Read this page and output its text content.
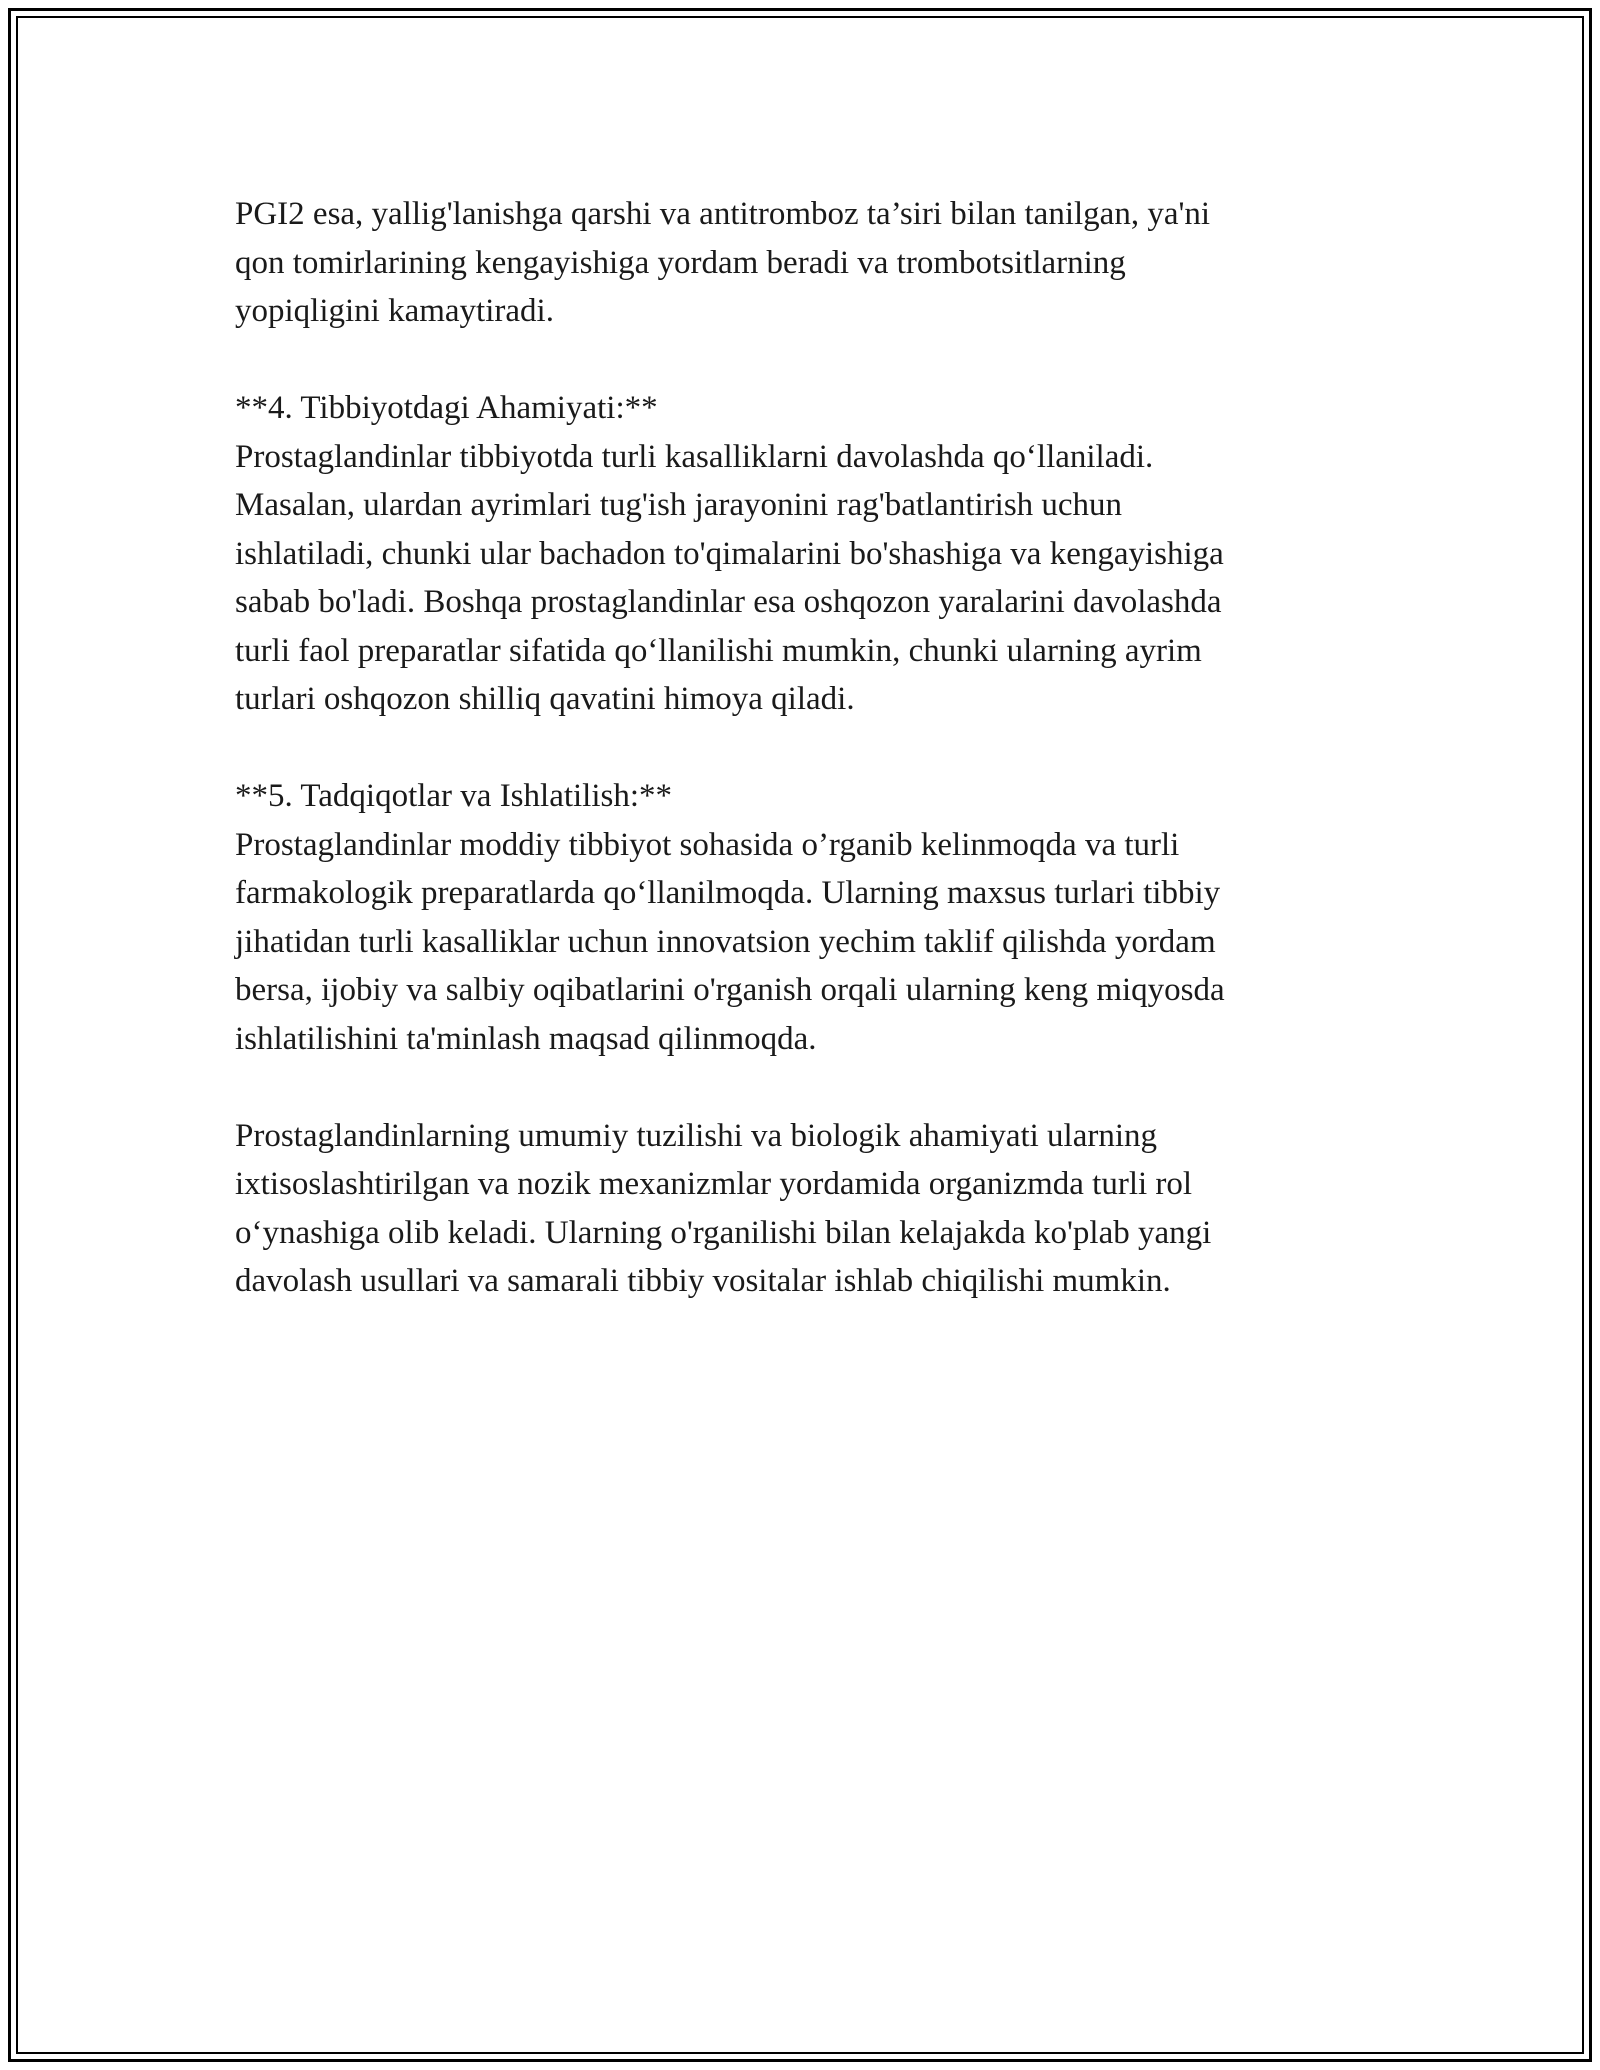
PGI2 esa, yallig'lanishga qarshi va antitromboz ta’siri bilan tanilgan, ya'ni
qon tomirlarining kengayishiga yordam beradi va trombotsitlarning
yopiqligini kamaytiradi.

**4. Tibbiyotdagi Ahamiyati:**
Prostaglandinlar tibbiyotda turli kasalliklarni davolashda qo‘llaniladi.
Masalan, ulardan ayrimlari tug'ish jarayonini rag'batlantirish uchun
ishlatiladi, chunki ular bachadon to'qimalarini bo'shashiga va kengayishiga
sabab bo'ladi. Boshqa prostaglandinlar esa oshqozon yaralarini davolashda
turli faol preparatlar sifatida qo‘llanilishi mumkin, chunki ularning ayrim
turlari oshqozon shilliq qavatini himoya qiladi.

**5. Tadqiqotlar va Ishlatilish:**
Prostaglandinlar moddiy tibbiyot sohasida o’rganib kelinmoqda va turli
farmakologik preparatlarda qo‘llanilmoqda. Ularning maxsus turlari tibbiy
jihatidan turli kasalliklar uchun innovatsion yechim taklif qilishda yordam
bersa, ijobiy va salbiy oqibatlarini o'rganish orqali ularning keng miqyosda
ishlatilishini ta'minlash maqsad qilinmoqda.

Prostaglandinlarning umumiy tuzilishi va biologik ahamiyati ularning
ixtisoslashtirilgan va nozik mexanizmlar yordamida organizmda turli rol
o‘ynashiga olib keladi. Ularning o'rganilishi bilan kelajakda ko'plab yangi
davolash usullari va samarali tibbiy vositalar ishlab chiqilishi mumkin.
